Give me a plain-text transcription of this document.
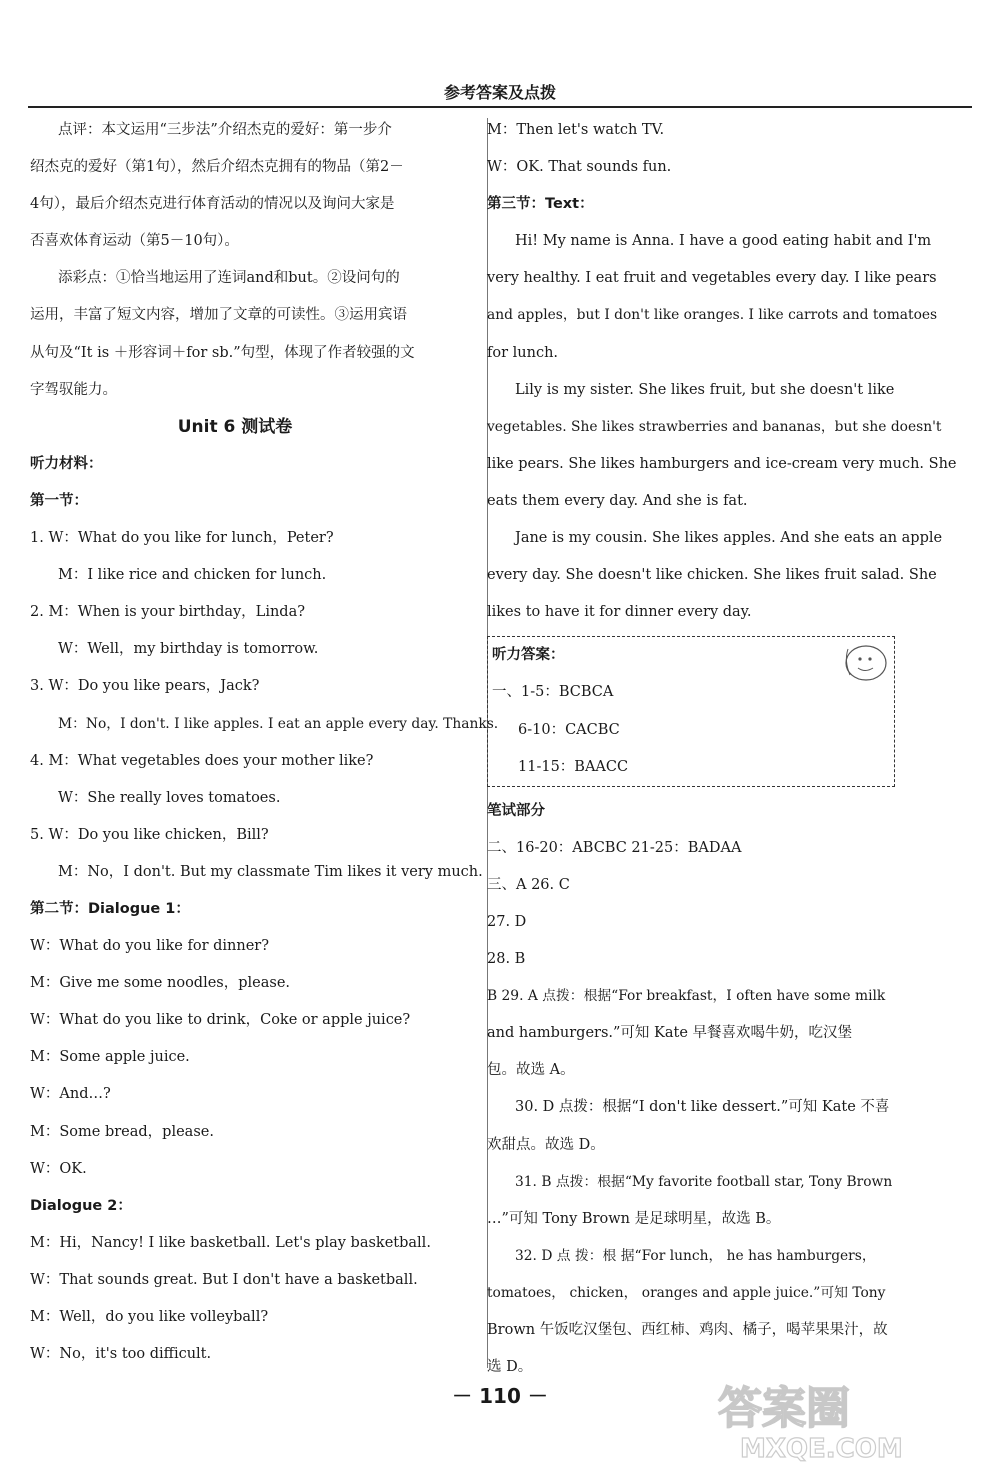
参考答案及点拨
点评：本文运用“三步法”介绍杰克的爱好：第一步介
绍杰克的爱好（第1句），然后介绍杰克拥有的物品（第2－
4句），最后介绍杰克进行体育活动的情况以及询问大家是
否喜欢体育运动（第5－10句）。
添彩点：①恰当地运用了连词and和but。②设问句的
运用，丰富了短文内容，增加了文章的可读性。③运用宾语
从句及“It is ＋形容词＋for sb.”句型，体现了作者较强的文
字驾驭能力。
Unit 6 测试卷
听力材料：
第一节：
1. W：What do you like for lunch，Peter?
M：I like rice and chicken for lunch.
2. M：When is your birthday，Linda?
W：Well，my birthday is tomorrow.
3. W：Do you like pears，Jack?
M：No，I don't. I like apples. I eat an apple every day. Thanks.
4. M：What vegetables does your mother like?
W：She really loves tomatoes.
5. W：Do you like chicken，Bill?
M：No，I don't. But my classmate Tim likes it very much.
第二节：Dialogue 1：
W：What do you like for dinner?
M：Give me some noodles，please.
W：What do you like to drink，Coke or apple juice?
M：Some apple juice.
W：And…?
M：Some bread，please.
W：OK.
Dialogue 2：
M：Hi，Nancy! I like basketball. Let's play basketball.
W：That sounds great. But I don't have a basketball.
M：Well，do you like volleyball?
W：No，it's too difficult.
M：Then let's watch TV.
W：OK. That sounds fun.
第三节：Text：
Hi! My name is Anna. I have a good eating habit and I'm
very healthy. I eat fruit and vegetables every day. I like pears
and apples，but I don't like oranges. I like carrots and tomatoes
for lunch.
Lily is my sister. She likes fruit, but she doesn't like
vegetables. She likes strawberries and bananas，but she doesn't
like pears. She likes hamburgers and ice-cream very much. She
eats them every day. And she is fat.
Jane is my cousin. She likes apples. And she eats an apple
every day. She doesn't like chicken. She likes fruit salad. She
likes to have it for dinner every day.
听力答案：
一、1-5：BCBCA
6-10：CACBC
11-15：BAACC
笔试部分
二、16-20：ABCBC 21-25：BADAA
三、A 26. C
27. D
28. B
B 29. A 点拨：根据“For breakfast，I often have some milk
and hamburgers.”可知 Kate 早餐喜欢喝牛奶，吃汉堡
包。故选 A。
30. D 点拨：根据“I don't like dessert.”可知 Kate 不喜
欢甜点。故选 D。
31. B 点拨：根据“My favorite football star, Tony Brown
…”可知 Tony Brown 是足球明星，故选 B。
32. D 点 拨：根 据“For lunch， he has hamburgers，
tomatoes， chicken， oranges and apple juice.”可知 Tony
Brown 午饭吃汉堡包、西红柿、鸡肉、橘子，喝苹果果汁，故
选 D。
－ 110 －	答案圈
MXQE.COM
